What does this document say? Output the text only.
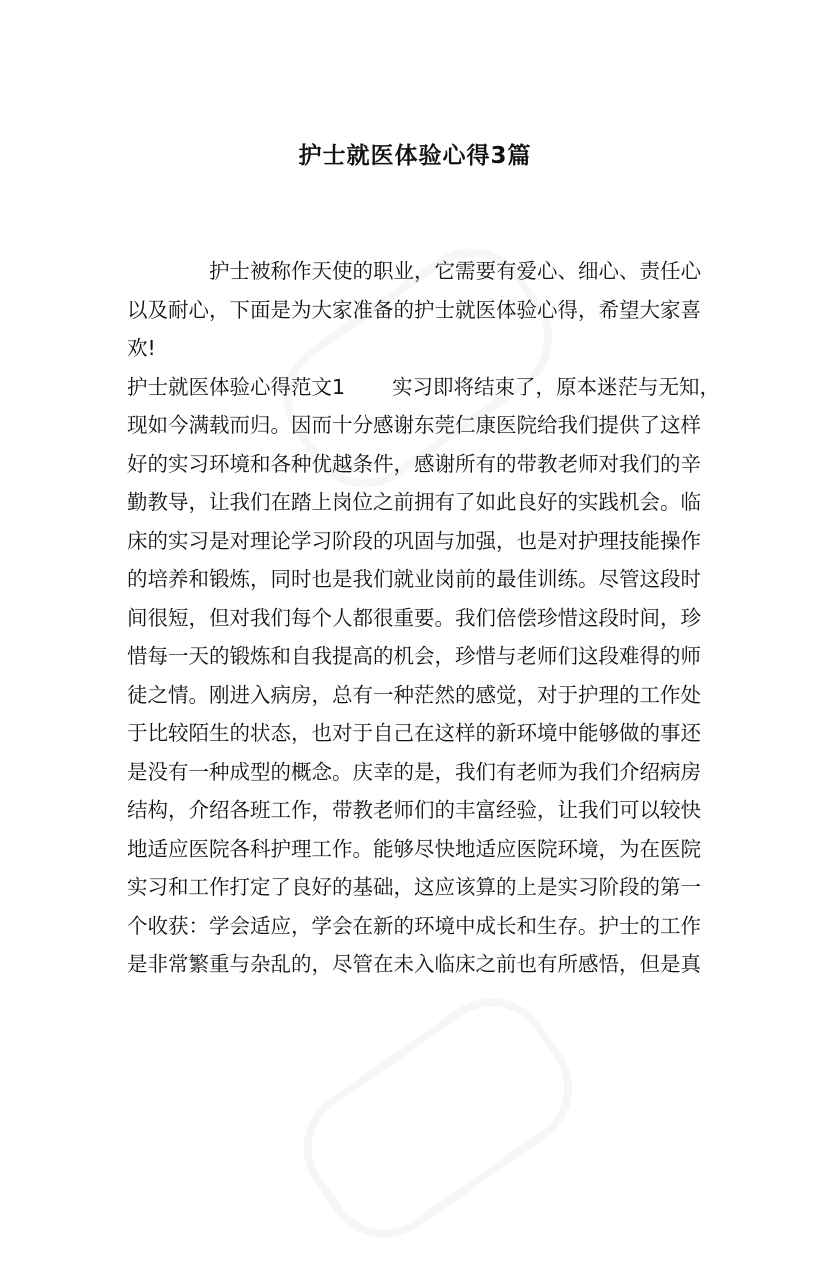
护士就医体验心得3篇
护士被称作天使的职业，它需要有爱心、细心、责任心
以及耐心，下面是为大家准备的护士就医体验心得，希望大家喜
欢!
护士就医体验心得范文1 实习即将结束了，原本迷茫与无知，
现如今满载而归。因而十分感谢东莞仁康医院给我们提供了这样
好的实习环境和各种优越条件，感谢所有的带教老师对我们的辛
勤教导，让我们在踏上岗位之前拥有了如此良好的实践机会。临
床的实习是对理论学习阶段的巩固与加强，也是对护理技能操作
的培养和锻炼，同时也是我们就业岗前的最佳训练。尽管这段时
间很短，但对我们每个人都很重要。我们倍偿珍惜这段时间，珍
惜每一天的锻炼和自我提高的机会，珍惜与老师们这段难得的师
徒之情。刚进入病房，总有一种茫然的感觉，对于护理的工作处
于比较陌生的状态，也对于自己在这样的新环境中能够做的事还
是没有一种成型的概念。庆幸的是，我们有老师为我们介绍病房
结构，介绍各班工作，带教老师们的丰富经验，让我们可以较快
地适应医院各科护理工作。能够尽快地适应医院环境，为在医院
实习和工作打定了良好的基础，这应该算的上是实习阶段的第一
个收获：学会适应，学会在新的环境中成长和生存。护士的工作
是非常繁重与杂乱的，尽管在未入临床之前也有所感悟，但是真
